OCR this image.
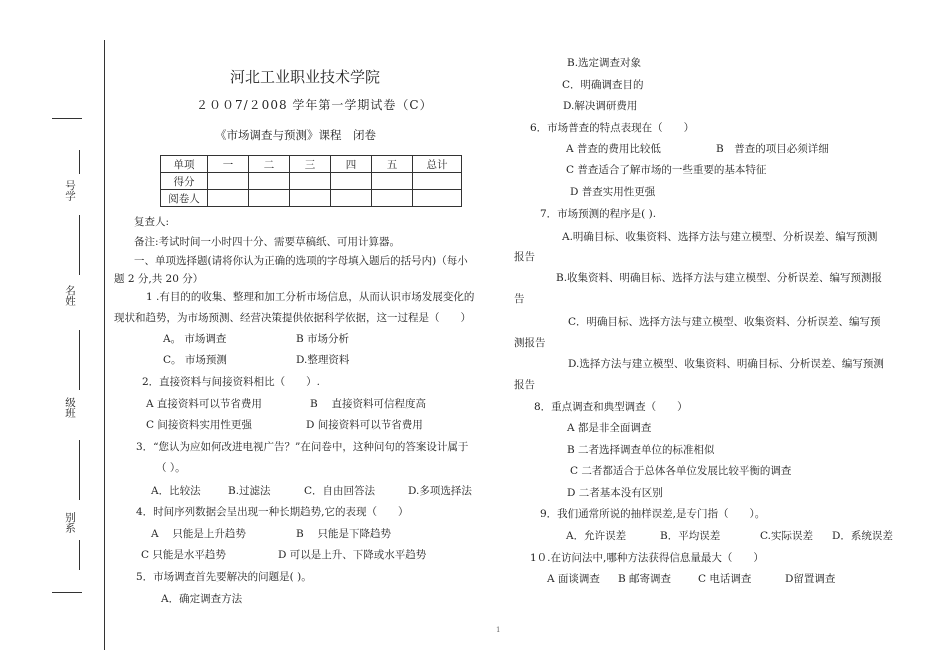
号学
名姓
级班
别系
河北工业职业技术学院
２００7/２008 学年第一学期试卷（C）
《市场调查与预测》课程　闭卷
单项	一	二	三	四	五	总计
得分						
阅卷人						
复查人:
备注:考试时间一小时四十分、需要草稿纸、可用计算器。
一、单项选择题(请将你认为正确的选项的字母填入题后的括号内)（每小
题 2 分,共 20 分）
1 .有目的的收集、整理和加工分析市场信息，从而认识市场发展变化的
现状和趋势，为市场预测、经营决策提供依据科学依据，这一过程是（　　）
A。 市场调查	B 市场分析
C。 市场预测	D.整理资料
2．直接资料与间接资料相比（　　）.
A 直接资料可以节省费用	B　 直接资料可信程度高
C 间接资料实用性更强	D 间接资料可以节省费用
3．“您认为应如何改进电视广告？”在问卷中，这种问句的答案设计属于
（ ）。
A．比较法	B.过滤法	C．自由回答法	D.多项选择法
4．时间序列数据会呈出现一种长期趋势,它的表现（　　）
A 　只能是上升趋势	B 　只能是下降趋势
C 只能是水平趋势	D 可以是上升、下降或水平趋势
5．市场调查首先要解决的问题是( )。
A．确定调查方法
B.选定调查对象
C．明确调查目的
D.解决调研费用
6．市场普查的特点表现在（　　）
A 普查的费用比较低	B　普查的项目必须详细
C 普查适合了解市场的一些重要的基本特征
D 普查实用性更强
7．市场预测的程序是( ).
A.明确目标、收集资料、选择方法与建立模型、分析误差、编写预测
报告
B.收集资料、明确目标、选择方法与建立模型、分析误差、编写预测报
告
C．明确目标、选择方法与建立模型、收集资料、分析误差、编写预
测报告
D.选择方法与建立模型、收集资料、明确目标、分析误差、编写预测
报告
8．重点调查和典型调查（　　）
A 都是非全面调查
B 二者选择调查单位的标准相似
C 二者都适合于总体各单位发展比较平衡的调查
D 二者基本没有区别
9．我们通常所说的抽样误差,是专门指（　　）。
A．允许误差	B．平均误差	C.实际误差 D．系统误差
1０.在访问法中,哪种方法获得信息量最大（　　）
A 面谈调查 B 邮寄调查	C 电话调查	D留置调查
1
